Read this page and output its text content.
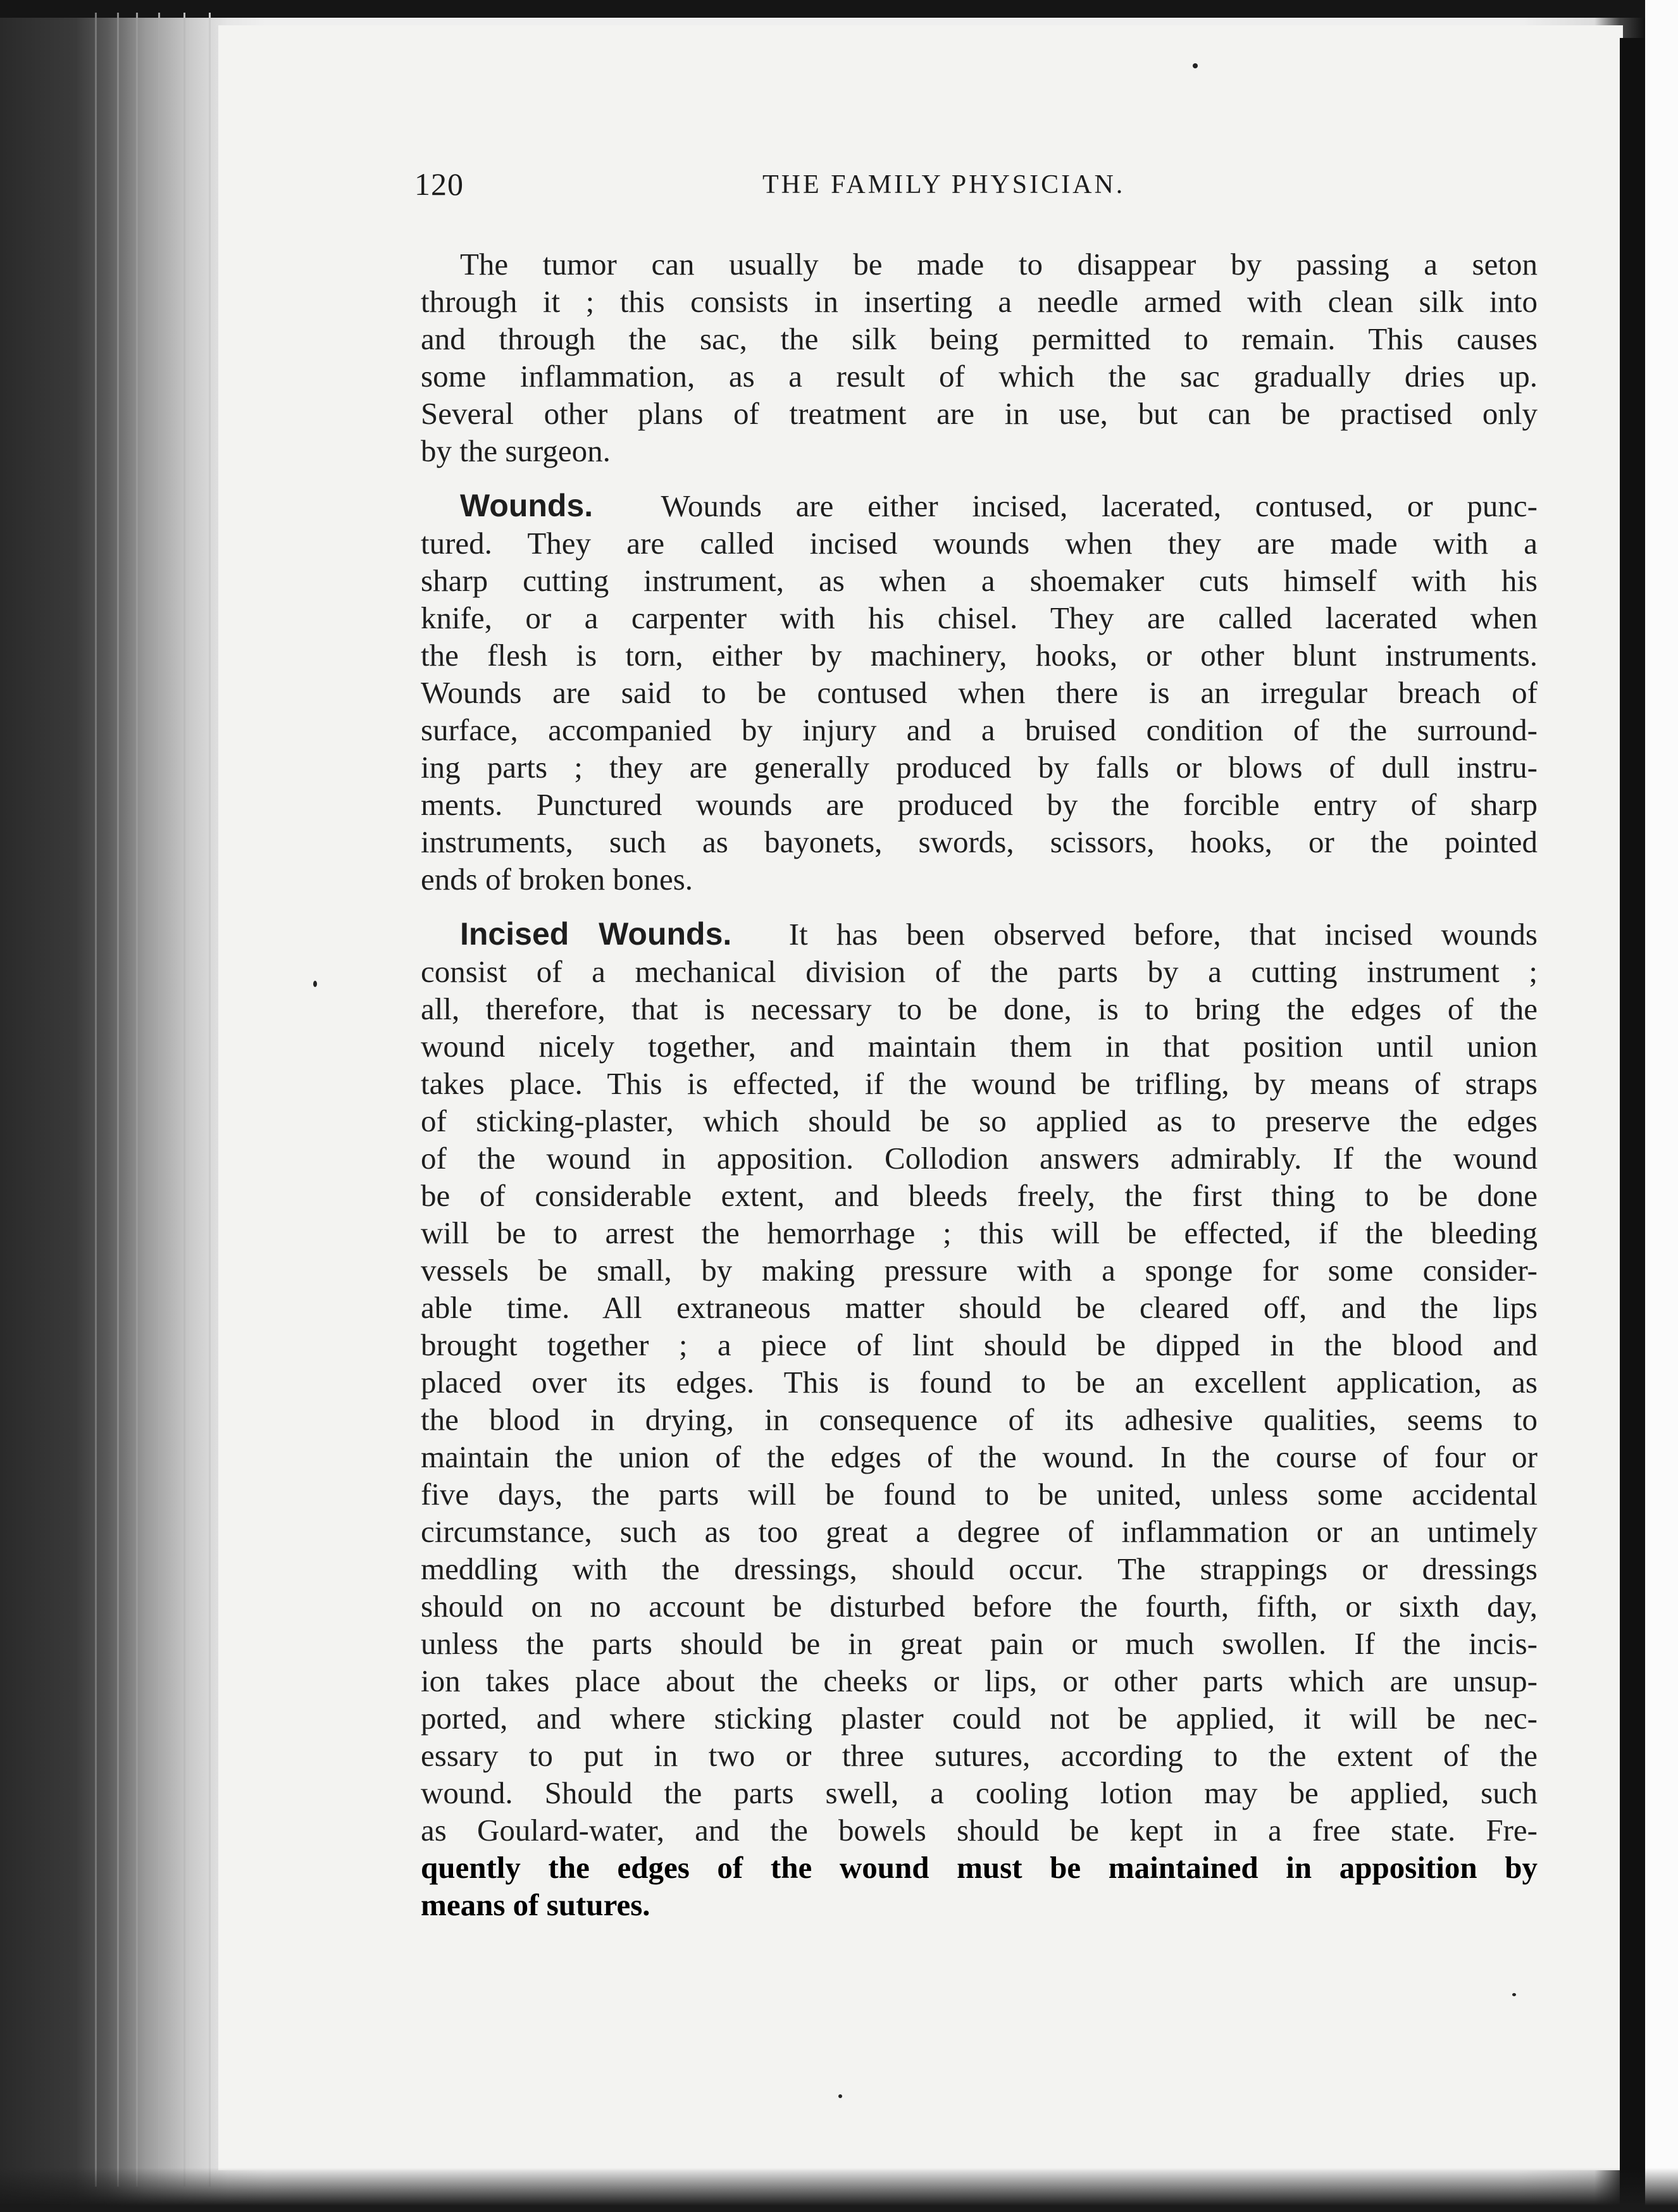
120	THE FAMILY PHYSICIAN.
The tumor can usually be made to disappear by passing a seton
through it ; this consists in inserting a needle armed with clean silk into
and through the sac, the silk being permitted to remain. This causes
some inflammation, as a result of which the sac gradually dries up.
Several other plans of treatment are in use, but can be practised only
by the surgeon.
Wounds. Wounds are either incised, lacerated, contused, or punc-
tured. They are called incised wounds when they are made with a
sharp cutting instrument, as when a shoemaker cuts himself with his
knife, or a carpenter with his chisel. They are called lacerated when
the flesh is torn, either by machinery, hooks, or other blunt instruments.
Wounds are said to be contused when there is an irregular breach of
surface, accompanied by injury and a bruised condition of the surround-
ing parts ; they are generally produced by falls or blows of dull instru-
ments. Punctured wounds are produced by the forcible entry of sharp
instruments, such as bayonets, swords, scissors, hooks, or the pointed
ends of broken bones.
Incised Wounds. It has been observed before, that incised wounds
consist of a mechanical division of the parts by a cutting instrument ;
all, therefore, that is necessary to be done, is to bring the edges of the
wound nicely together, and maintain them in that position until union
takes place. This is effected, if the wound be trifling, by means of straps
of sticking-plaster, which should be so applied as to preserve the edges
of the wound in apposition. Collodion answers admirably. If the wound
be of considerable extent, and bleeds freely, the first thing to be done
will be to arrest the hemorrhage ; this will be effected, if the bleeding
vessels be small, by making pressure with a sponge for some consider-
able time. All extraneous matter should be cleared off, and the lips
brought together ; a piece of lint should be dipped in the blood and
placed over its edges. This is found to be an excellent application, as
the blood in drying, in consequence of its adhesive qualities, seems to
maintain the union of the edges of the wound. In the course of four or
five days, the parts will be found to be united, unless some accidental
circumstance, such as too great a degree of inflammation or an untimely
meddling with the dressings, should occur. The strappings or dressings
should on no account be disturbed before the fourth, fifth, or sixth day,
unless the parts should be in great pain or much swollen. If the incis-
ion takes place about the cheeks or lips, or other parts which are unsup-
ported, and where sticking plaster could not be applied, it will be nec-
essary to put in two or three sutures, according to the extent of the
wound. Should the parts swell, a cooling lotion may be applied, such
as Goulard-water, and the bowels should be kept in a free state. Fre-
quently the edges of the wound must be maintained in apposition by
means of sutures.
